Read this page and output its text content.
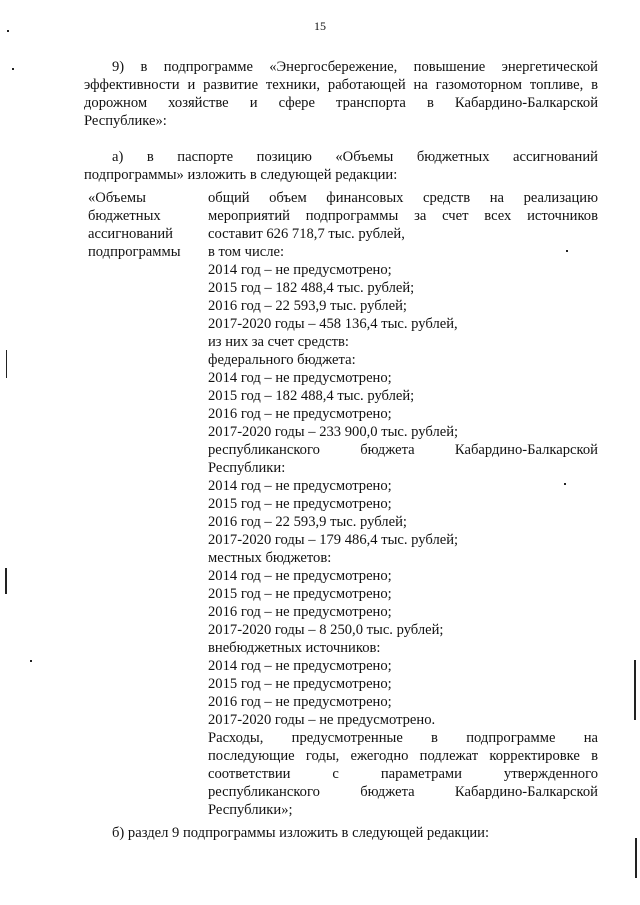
15
9) в подпрограмме «Энергосбережение, повышение энергетической
эффективности и развитие техники, работающей на газомоторном топливе, в
дорожном хозяйстве и сфере транспорта в Кабардино-Балкарской
Республике»:
а) в паспорте позицию «Объемы бюджетных ассигнований
подпрограммы» изложить в следующей редакции:
«Объемы
бюджетных
ассигнований
подпрограммы
общий объем финансовых средств на реализацию
мероприятий подпрограммы за счет всех источников
составит 626 718,7 тыс. рублей,
в том числе:
2014 год – не предусмотрено;
2015 год – 182 488,4 тыс. рублей;
2016 год – 22 593,9 тыс. рублей;
2017-2020 годы – 458 136,4 тыс. рублей,
из них за счет средств:
федерального бюджета:
2014 год – не предусмотрено;
2015 год – 182 488,4 тыс. рублей;
2016 год – не предусмотрено;
2017-2020 годы – 233 900,0 тыс. рублей;
республиканского бюджета Кабардино-Балкарской
Республики:
2014 год – не предусмотрено;
2015 год – не предусмотрено;
2016 год – 22 593,9 тыс. рублей;
2017-2020 годы – 179 486,4 тыс. рублей;
местных бюджетов:
2014 год – не предусмотрено;
2015 год – не предусмотрено;
2016 год – не предусмотрено;
2017-2020 годы – 8 250,0 тыс. рублей;
внебюджетных источников:
2014 год – не предусмотрено;
2015 год – не предусмотрено;
2016 год – не предусмотрено;
2017-2020 годы – не предусмотрено.
Расходы, предусмотренные в подпрограмме на
последующие годы, ежегодно подлежат корректировке в
соответствии с параметрами утвержденного
республиканского бюджета Кабардино-Балкарской
Республики»;
б) раздел 9 подпрограммы изложить в следующей редакции:
